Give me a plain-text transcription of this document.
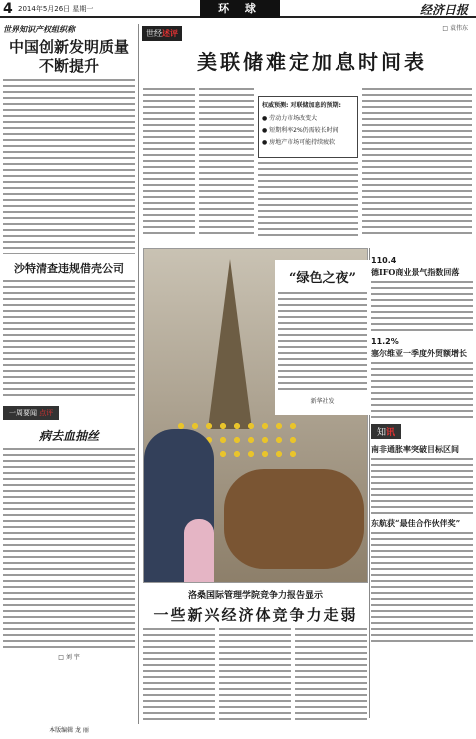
4 2014年5月26日 星期一	环 球	经济日报
□ 袁伟东
世界知识产权组织称
中国创新发明质量不断提升
沙特清查违规借壳公司
一周要闻 点评
病去血抽丝
□ 刘 宇
本版编辑 龙 丽
世经述评
美联储难定加息时间表
权威预测: 对联储加息的预期:
● 劳动力市场改变大
● 短期利率2%仍需较长时间
● 房地产市场可能持续疲软
“绿色之夜”
新华社发
110.4
德IFO商业景气指数回落
11.2%
塞尔维亚一季度外贸额增长
知讯
南非通胀率突破目标区间
东航获“最佳合作伙伴奖”
洛桑国际管理学院竞争力报告显示
一些新兴经济体竞争力走弱
